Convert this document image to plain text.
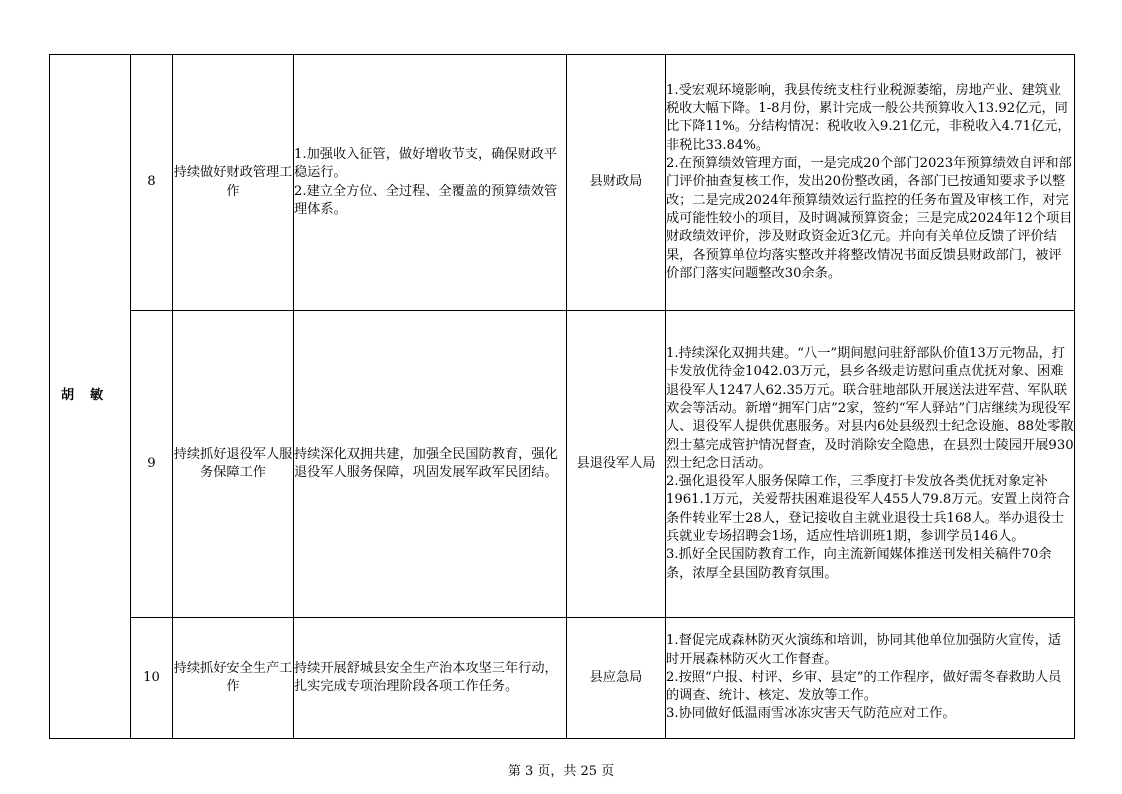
胡敏	8	持续做好财政管理工作	1.加强收入征管，做好增收节支，确保财政平稳运行。
2.建立全方位、全过程、全覆盖的预算绩效管理体系。	县财政局	1.受宏观环境影响，我县传统支柱行业税源萎缩，房地产业、建筑业税收大幅下降。1-8月份，累计完成一般公共预算收入13.92亿元，同比下降11%。分结构情况：税收收入9.21亿元，非税收入4.71亿元，非税比33.84%。
2.在预算绩效管理方面，一是完成20个部门2023年预算绩效自评和部门评价抽查复核工作，发出20份整改函，各部门已按通知要求予以整改；二是完成2024年预算绩效运行监控的任务布置及审核工作，对完成可能性较小的项目，及时调减预算资金；三是完成2024年12个项目财政绩效评价，涉及财政资金近3亿元。并向有关单位反馈了评价结果，各预算单位均落实整改并将整改情况书面反馈县财政部门，被评价部门落实问题整改30余条。

	9	持续抓好退役军人服务保障工作	持续深化双拥共建，加强全民国防教育，强化退役军人服务保障，巩固发展军政军民团结。	县退役军人局	1.持续深化双拥共建。“八一”期间慰问驻舒部队价值13万元物品，打卡发放优待金1042.03万元，县乡各级走访慰问重点优抚对象、困难退役军人1247人62.35万元。联合驻地部队开展送法进军营、军队联欢会等活动。新增“拥军门店”2家，签约“军人驿站”门店继续为现役军人、退役军人提供优惠服务。对县内6处县级烈士纪念设施、88处零散烈士墓完成管护情况督查，及时消除安全隐患，在县烈士陵园开展930烈士纪念日活动。
2.强化退役军人服务保障工作，三季度打卡发放各类优抚对象定补1961.1万元，关爱帮扶困难退役军人455人79.8万元。安置上岗符合条件转业军士28人，登记接收自主就业退役士兵168人。举办退役士兵就业专场招聘会1场，适应性培训班1期，参训学员146人。
3.抓好全民国防教育工作，向主流新闻媒体推送刊发相关稿件70余条，浓厚全县国防教育氛围。

	10	持续抓好安全生产工作	持续开展舒城县安全生产治本攻坚三年行动，扎实完成专项治理阶段各项工作任务。	县应急局	1.督促完成森林防灭火演练和培训，协同其他单位加强防火宣传，适时开展森林防灭火工作督查。
2.按照“户报、村评、乡审、县定”的工作程序，做好需冬春救助人员的调查、统计、核定、发放等工作。
3.协同做好低温雨雪冰冻灾害天气防范应对工作。
第 3 页，共 25 页
